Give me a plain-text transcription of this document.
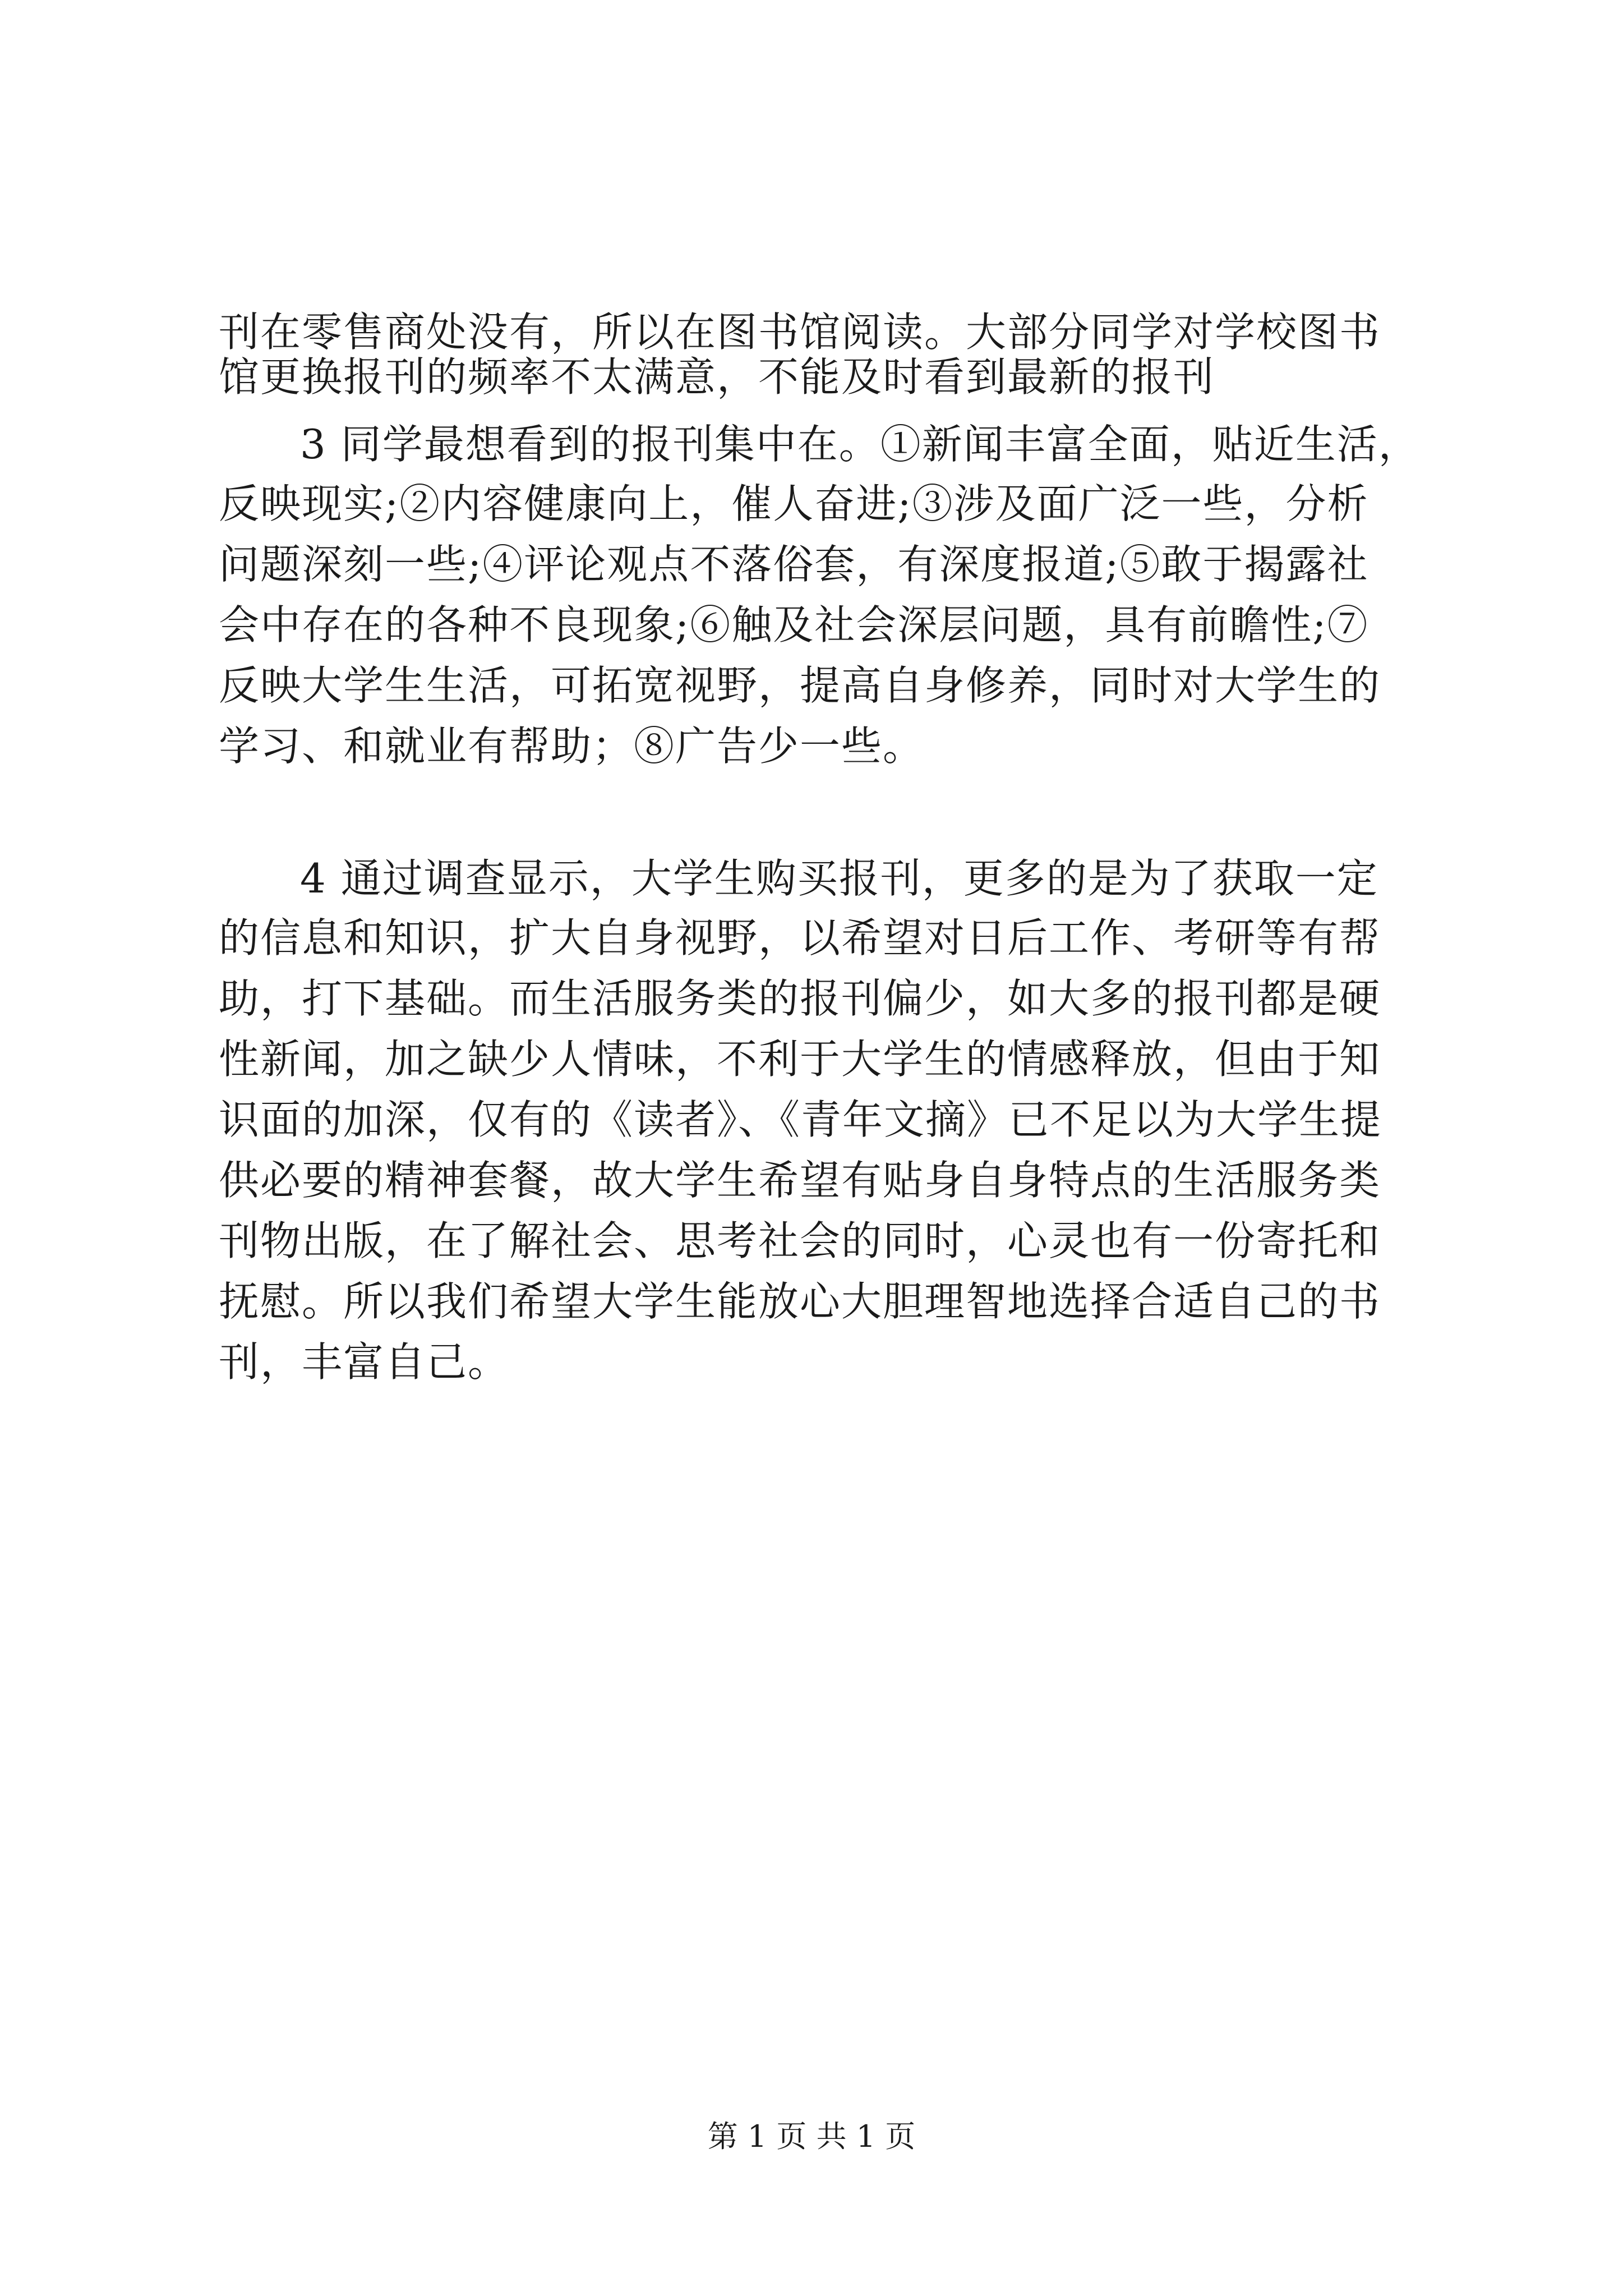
刊在零售商处没有，所以在图书馆阅读。大部分同学对学校图书
馆更换报刊的频率不太满意，不能及时看到最新的报刊
3 同学最想看到的报刊集中在。①新闻丰富全面，贴近生活，
反映现实;②内容健康向上，催人奋进;③涉及面广泛一些，分析
问题深刻一些;④评论观点不落俗套，有深度报道;⑤敢于揭露社
会中存在的各种不良现象;⑥触及社会深层问题，具有前瞻性;⑦
反映大学生生活，可拓宽视野，提高自身修养，同时对大学生的
学习、和就业有帮助；⑧广告少一些。
4 通过调查显示，大学生购买报刊，更多的是为了获取一定
的信息和知识，扩大自身视野，以希望对日后工作、考研等有帮
助，打下基础。而生活服务类的报刊偏少，如大多的报刊都是硬
性新闻，加之缺少人情味，不利于大学生的情感释放，但由于知
识面的加深，仅有的《读者》、《青年文摘》已不足以为大学生提
供必要的精神套餐，故大学生希望有贴身自身特点的生活服务类
刊物出版，在了解社会、思考社会的同时，心灵也有一份寄托和
抚慰。所以我们希望大学生能放心大胆理智地选择合适自己的书
刊，丰富自己。
第 1 页 共 1 页
